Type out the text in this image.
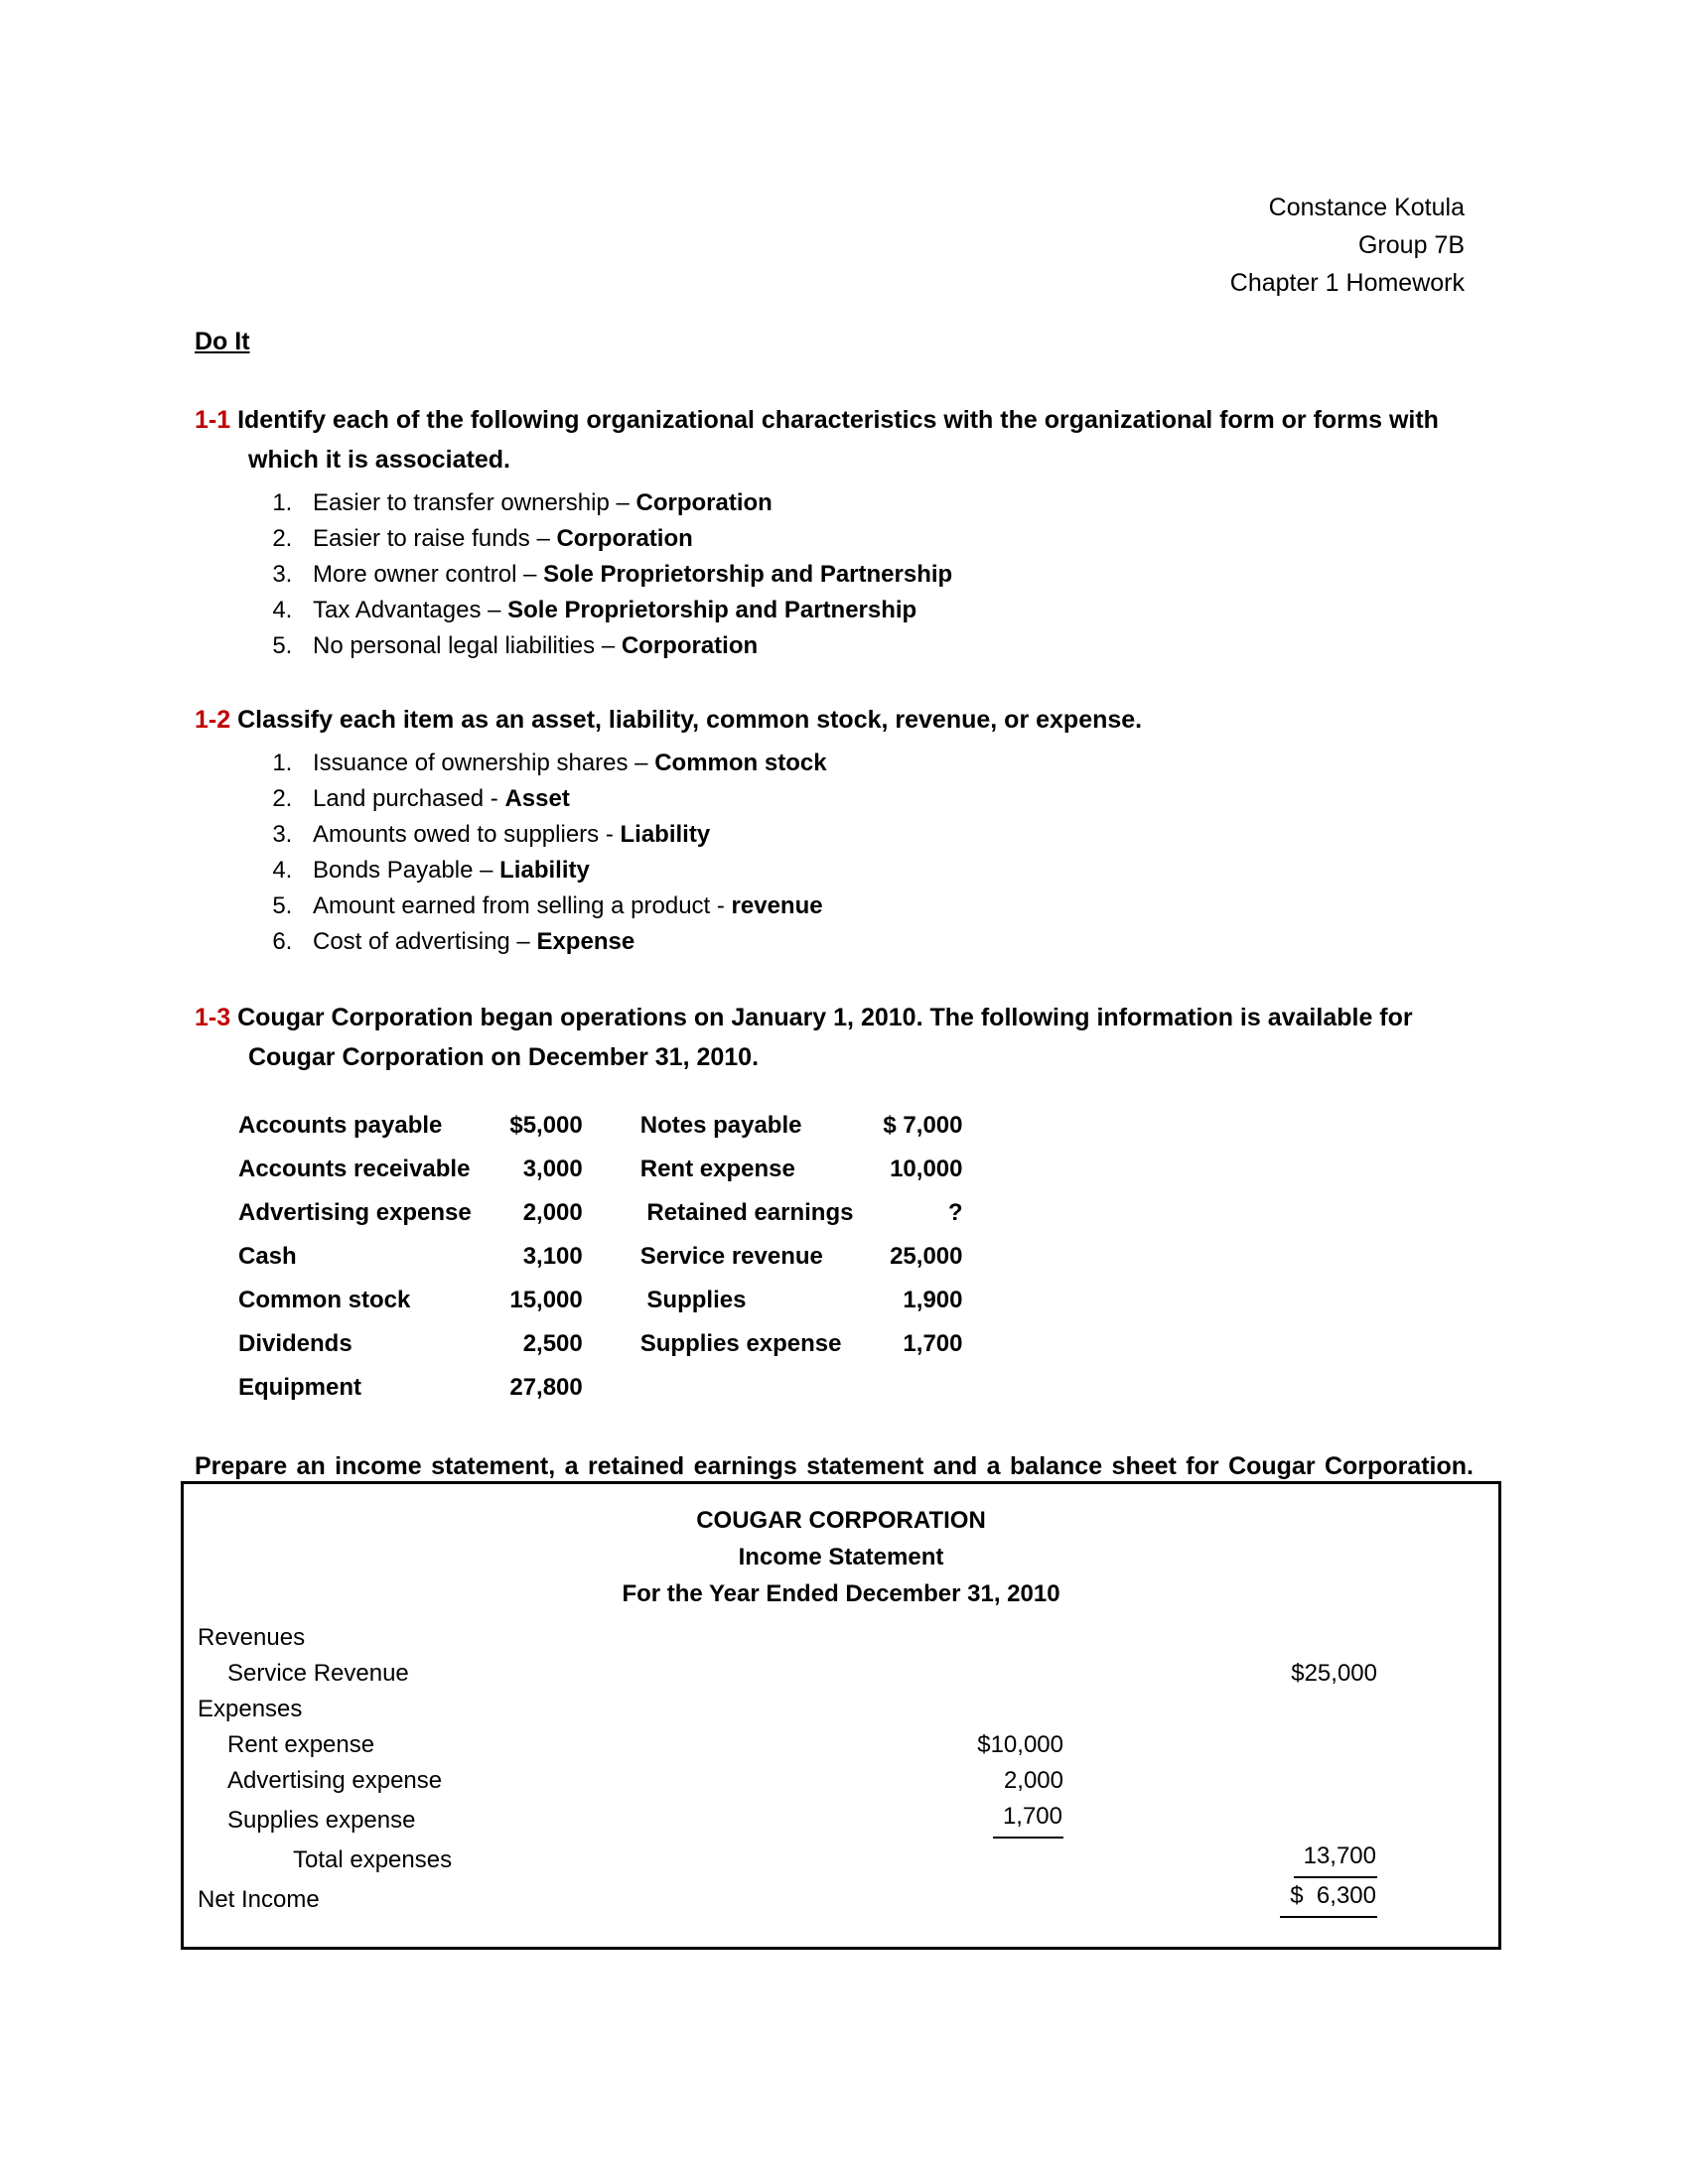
Constance Kotula
Group 7B
Chapter 1 Homework
Do It
1-1 Identify each of the following organizational characteristics with the organizational form or forms with which it is associated.
1. Easier to transfer ownership – Corporation
2. Easier to raise funds – Corporation
3. More owner control – Sole Proprietorship and Partnership
4. Tax Advantages – Sole Proprietorship and Partnership
5. No personal legal liabilities – Corporation
1-2 Classify each item as an asset, liability, common stock, revenue, or expense.
1. Issuance of ownership shares – Common stock
2. Land purchased - Asset
3. Amounts owed to suppliers - Liability
4. Bonds Payable – Liability
5. Amount earned from selling a product - revenue
6. Cost of advertising – Expense
1-3 Cougar Corporation began operations on January 1, 2010. The following information is available for Cougar Corporation on December 31, 2010.
Accounts payable	$5,000		Notes payable	$ 7,000
Accounts receivable	3,000		Rent expense	10,000
Advertising expense	2,000		Retained earnings	?
Cash	3,100		Service revenue	25,000
Common stock	15,000		Supplies	1,900
Dividends	2,500		Supplies expense	1,700
Equipment	27,800			
Prepare an income statement, a retained earnings statement and a balance sheet for Cougar Corporation.
COUGAR CORPORATION
Income Statement
For the Year Ended December 31, 2010
Revenues		
Service Revenue		$25,000
Expenses		
Rent expense	$10,000	
Advertising expense	2,000	
Supplies expense	1,700	
Total expenses		13,700
Net Income		$  6,300
